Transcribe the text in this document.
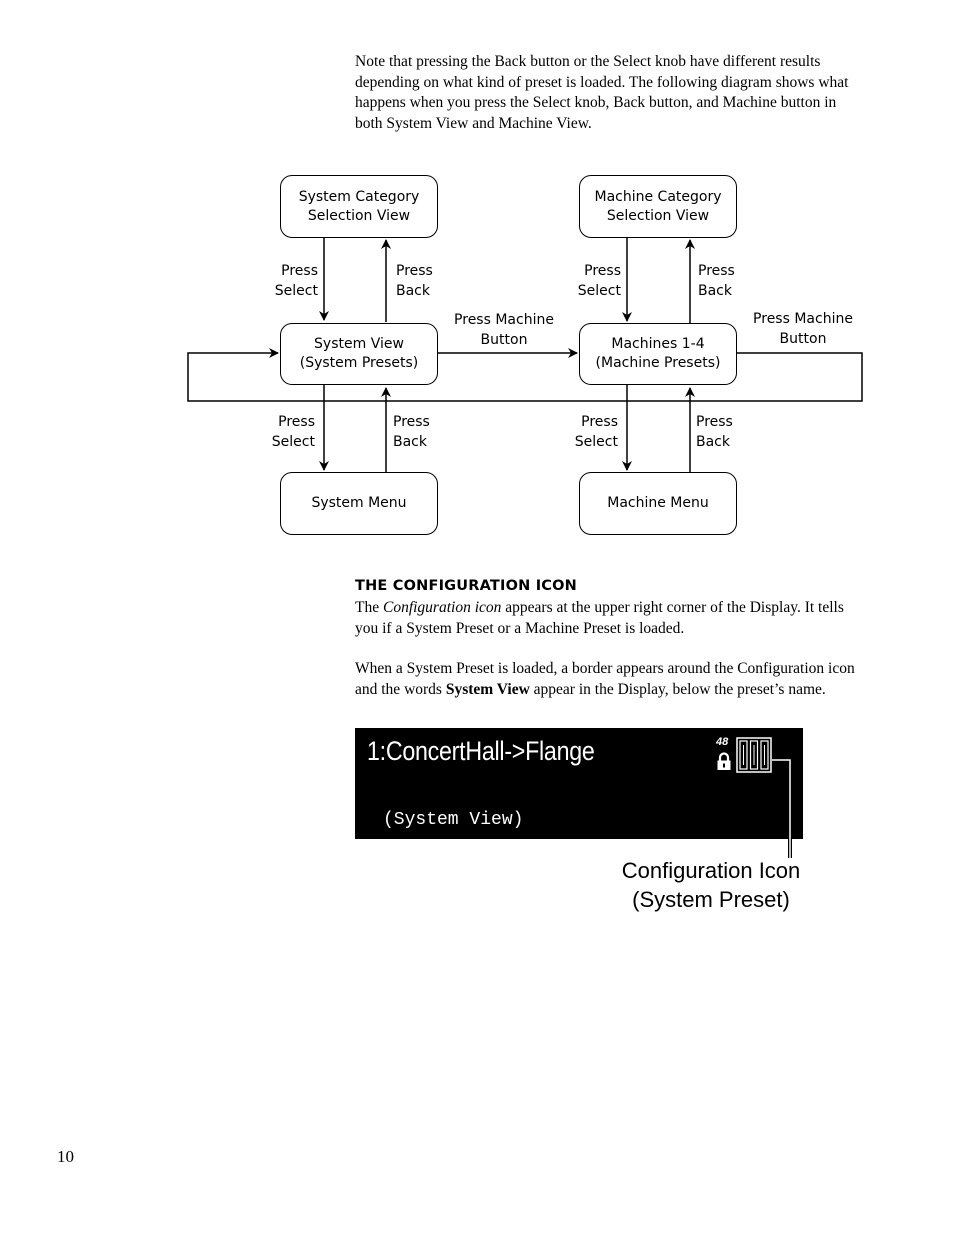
Note that pressing the Back button or the Select knob have different results depending on what kind of preset is loaded. The following diagram shows what happens when you press the Select knob, Back button, and Machine button in both System View and Machine View.

System Category
Selection View
Machine Category
Selection View
System View
(System Presets)
Machines 1-4
(Machine Presets)
System Menu	Machine Menu
Press
Select
Press
Back
Press
Select
Press
Back
Press
Select
Press
Back
Press
Select
Press
Back
Press Machine
Button
Press Machine
Button
THE CONFIGURATION ICON

The Configuration icon appears at the upper right corner of the Display. It tells you if a System Preset or a Machine Preset is loaded.

When a System Preset is loaded, a border appears around the Configuration icon and the words System View appear in the Display, below the preset’s name.

1:ConcertHall->Flange
(System View)
48
Configuration Icon
(System Preset)
10
